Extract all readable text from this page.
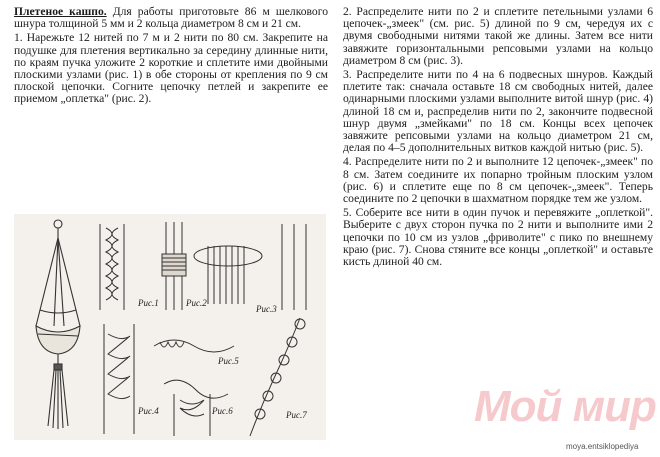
Плетеное кашпо. Для работы приготовьте 86 м шелкового шнура толщиной 5 мм и 2 кольца диаметром 8 см и 21 см.

1. Нарежьте 12 нитей по 7 м и 2 нити по 80 см. Закрепите на подушке для плетения вертикально за середину длинные нити, по краям пучка уложите 2 короткие и сплетите ими двойными плоскими узлами (рис. 1) в обе стороны от крепления по 9 см плоской цепочки. Согните цепочку петлей и закрепите ее приемом „оплетка" (рис. 2).

Рис.1	Рис.2
Рис.3
Рис.4
Рис.5
Рис.6	Рис.7

2. Распределите нити по 2 и сплетите петельными узлами 6 цепочек-„змеек" (см. рис. 5) длиной по 9 см, чередуя их с двумя свободными нитями такой же длины. Затем все нити завяжите горизонтальными репсовыми узлами на кольцо диаметром 8 см (рис. 3).

3. Распределите нити по 4 на 6 подвесных шнуров. Каждый плетите так: сначала оставьте 18 см свободных нитей, далее одинарными плоскими узлами выполните витой шнур (рис. 4) длиной 18 см и, распределив нити по 2, закончите подвесной шнур двумя „змейками" по 18 см. Концы всех цепочек завяжите репсовыми узлами на кольцо диаметром 21 см, делая по 4–5 дополнительных витков каждой нитью (рис. 5).

4. Распределите нити по 2 и выполните 12 цепочек-„змеек" по 8 см. Затем соедините их попарно тройным плоским узлом (рис. 6) и сплетите еще по 8 см цепочек-„змеек". Теперь соедините по 2 цепочки в шахматном порядке тем же узлом.

5. Соберите все нити в один пучок и перевяжите „оплеткой". Выберите с двух сторон пучка по 2 нити и выполните ими 2 цепочки по 10 см из узлов „фриволите" с пико по внешнему краю (рис. 7). Снова стяните все концы „оплеткой" и оставьте кисть длиной 40 см.

Мой мир
moya.entsiklopediya
